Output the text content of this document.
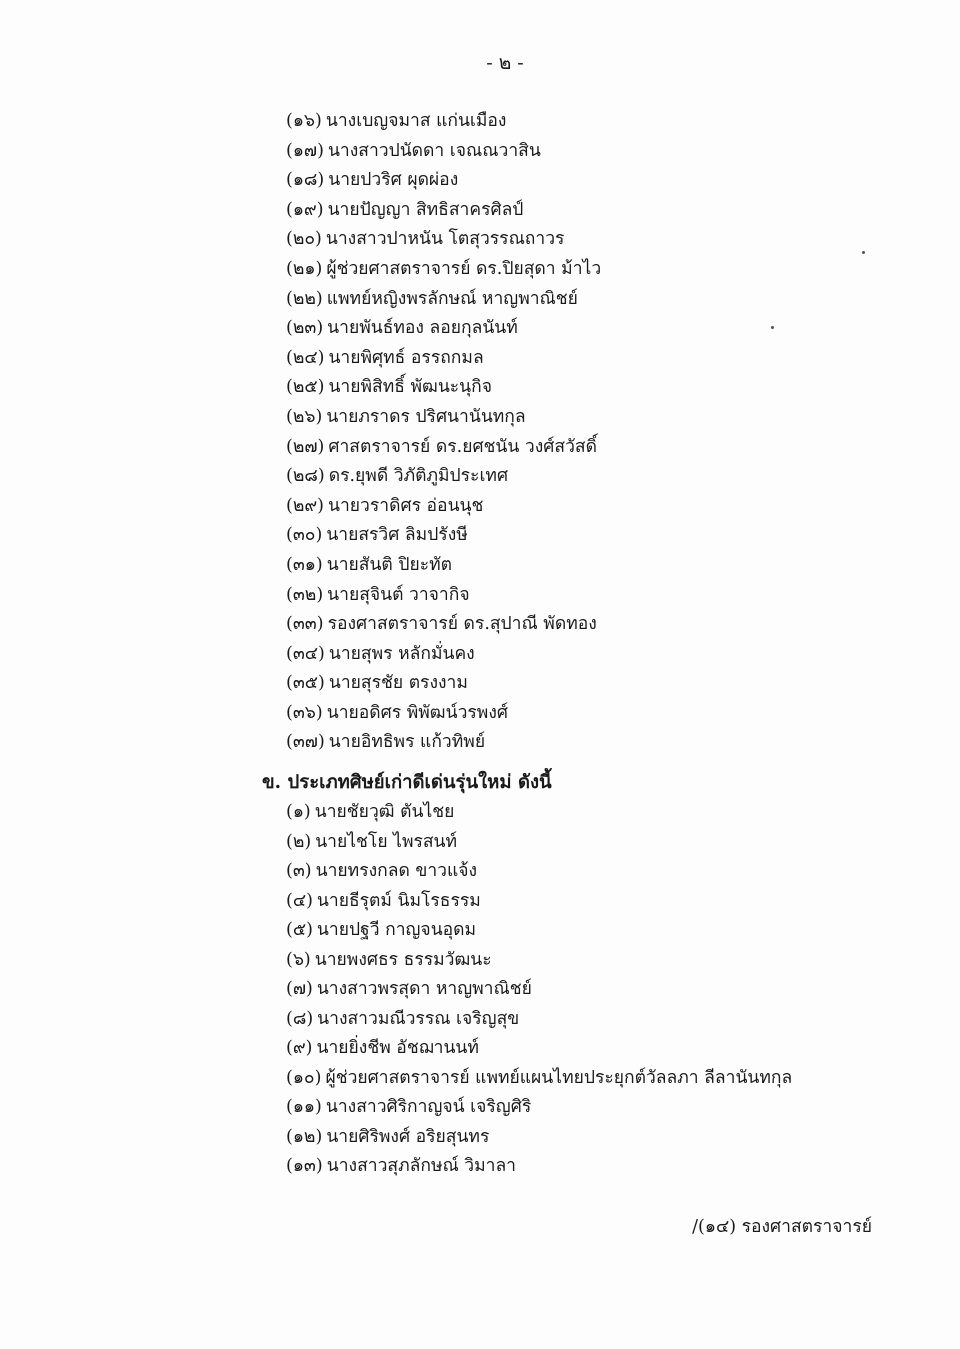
- ๒ -
(๑๖) นางเบญจมาส แก่นเมือง
(๑๗) นางสาวปนัดดา เจณณวาสิน
(๑๘) นายปวริศ ผุดผ่อง
(๑๙) นายปัญญา สิทธิสาครศิลป์
(๒๐) นางสาวปาหนัน โตสุวรรณถาวร
(๒๑) ผู้ช่วยศาสตราจารย์ ดร.ปิยสุดา ม้าไว
(๒๒) แพทย์หญิงพรลักษณ์ หาญพาณิชย์
(๒๓) นายพันธ์ทอง ลอยกุลนันท์
(๒๔) นายพิศุทธ์ อรรถกมล
(๒๕) นายพิสิทธิ์ พัฒนะนุกิจ
(๒๖) นายภราดร ปริศนานันทกุล
(๒๗) ศาสตราจารย์ ดร.ยศชนัน วงศ์สวัสดิ์
(๒๘) ดร.ยุพดี วิภัติภูมิประเทศ
(๒๙) นายวราดิศร อ่อนนุช
(๓๐) นายสรวิศ ลิมปรังษี
(๓๑) นายสันติ ปิยะทัต
(๓๒) นายสุจินต์ วาจากิจ
(๓๓) รองศาสตราจารย์ ดร.สุปาณี พัดทอง
(๓๔) นายสุพร หลักมั่นคง
(๓๕) นายสุรชัย ตรงงาม
(๓๖) นายอดิศร พิพัฒน์วรพงศ์
(๓๗) นายอิทธิพร แก้วทิพย์
ข. ประเภทศิษย์เก่าดีเด่นรุ่นใหม่ ดังนี้
(๑) นายชัยวุฒิ ตันไชย
(๒) นายไชโย ไพรสนท์
(๓) นายทรงกลด ขาวแจ้ง
(๔) นายธีรุตม์ นิมโรธรรม
(๕) นายปฐวี กาญจนอุดม
(๖) นายพงศธร ธรรมวัฒนะ
(๗) นางสาวพรสุดา หาญพาณิชย์
(๘) นางสาวมณีวรรณ เจริญสุข
(๙) นายยิ่งชีพ อัชฌานนท์
(๑๐) ผู้ช่วยศาสตราจารย์ แพทย์แผนไทยประยุกต์วัลลภา ลีลานันทกุล
(๑๑) นางสาวศิริกาญจน์ เจริญศิริ
(๑๒) นายศิริพงศ์ อริยสุนทร
(๑๓) นางสาวสุภลักษณ์ วิมาลา
/(๑๔) รองศาสตราจารย์
